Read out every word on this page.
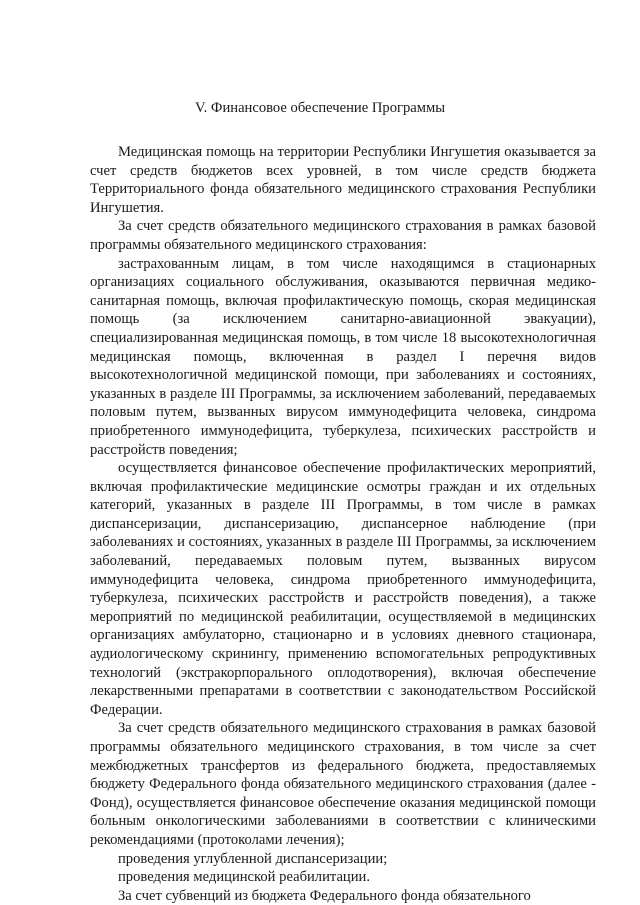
V. Финансовое обеспечение Программы

Медицинская помощь на территории Республики Ингушетия оказывается за счет средств бюджетов всех уровней, в том числе средств бюджета Территориального фонда обязательного медицинского страхования Республики Ингушетия.

За счет средств обязательного медицинского страхования в рамках базовой программы обязательного медицинского страхования:

застрахованным лицам, в том числе находящимся в стационарных организациях социального обслуживания, оказываются первичная медико-санитарная помощь, включая профилактическую помощь, скорая медицинская помощь (за исключением санитарно-авиационной эвакуации), специализированная медицинская помощь, в том числе 18 высокотехнологичная медицинская помощь, включенная в раздел I перечня видов высокотехнологичной медицинской помощи, при заболеваниях и состояниях, указанных в разделе III Программы, за исключением заболеваний, передаваемых половым путем, вызванных вирусом иммунодефицита человека, синдрома приобретенного иммунодефицита, туберкулеза, психических расстройств и расстройств поведения;

осуществляется финансовое обеспечение профилактических мероприятий, включая профилактические медицинские осмотры граждан и их отдельных категорий, указанных в разделе III Программы, в том числе в рамках диспансеризации, диспансеризацию, диспансерное наблюдение (при заболеваниях и состояниях, указанных в разделе III Программы, за исключением заболеваний, передаваемых половым путем, вызванных вирусом иммунодефицита человека, синдрома приобретенного иммунодефицита, туберкулеза, психических расстройств и расстройств поведения), а также мероприятий по медицинской реабилитации, осуществляемой в медицинских организациях амбулаторно, стационарно и в условиях дневного стационара, аудиологическому скринингу, применению вспомогательных репродуктивных технологий (экстракорпорального оплодотворения), включая обеспечение лекарственными препаратами в соответствии с законодательством Российской Федерации.

За счет средств обязательного медицинского страхования в рамках базовой программы обязательного медицинского страхования, в том числе за счет межбюджетных трансфертов из федерального бюджета, предоставляемых бюджету Федерального фонда обязательного медицинского страхования (далее - Фонд), осуществляется финансовое обеспечение оказания медицинской помощи больным онкологическими заболеваниями в соответствии с клиническими рекомендациями (протоколами лечения);

проведения углубленной диспансеризации;

проведения медицинской реабилитации.

За счет субвенций из бюджета Федерального фонда обязательного
